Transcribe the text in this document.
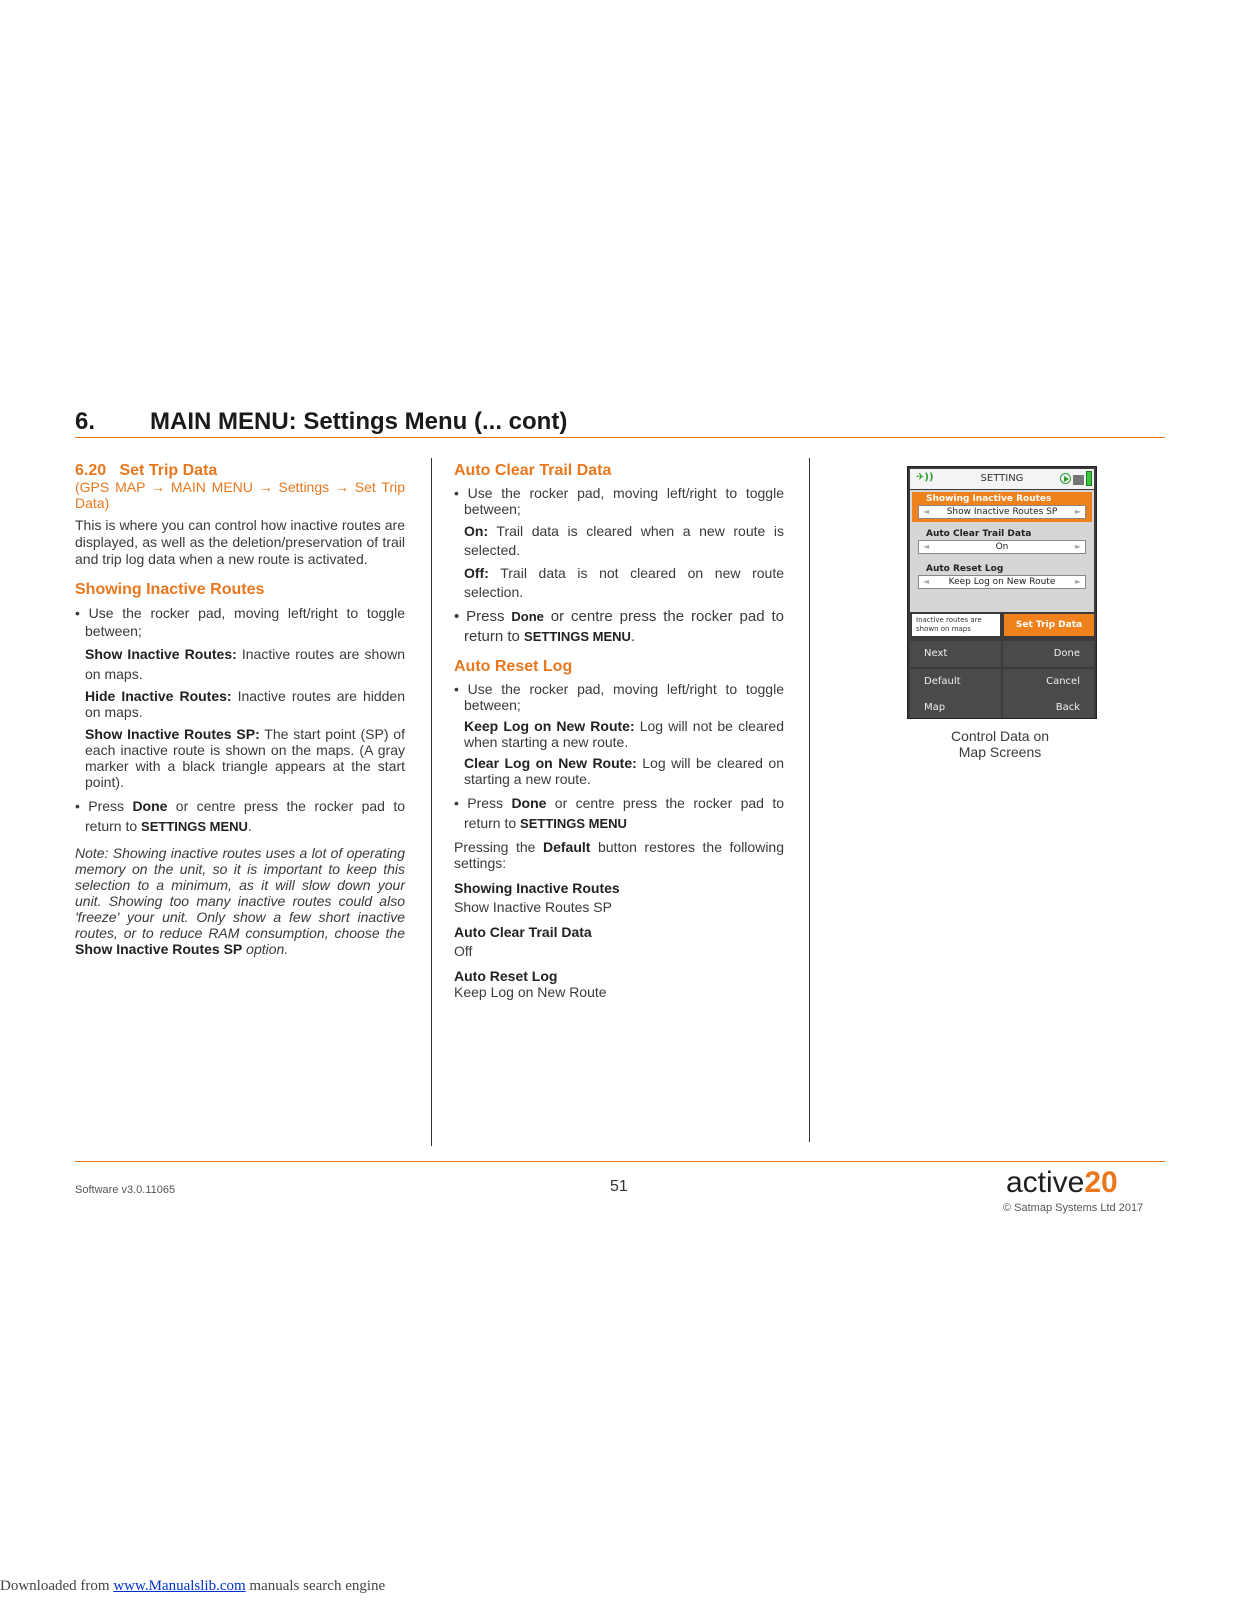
6. MAIN MENU: Settings Menu (... cont)

6.20 Set Trip Data

(GPS MAP → MAIN MENU → Settings → Set Trip Data)

This is where you can control how inactive routes are displayed, as well as the deletion/preservation of trail and trip log data when a new route is activated.

Showing Inactive Routes

• Use the rocker pad, moving left/right to toggle between;

Show Inactive Routes: Inactive routes are shown on maps.

Hide Inactive Routes: Inactive routes are hidden on maps.

Show Inactive Routes SP: The start point (SP) of each inactive route is shown on the maps. (A gray marker with a black triangle appears at the start point).

• Press Done or centre press the rocker pad to return to SETTINGS MENU.

Note: Showing inactive routes uses a lot of operating memory on the unit, so it is important to keep this selection to a minimum, as it will slow down your unit. Showing too many inactive routes could also 'freeze' your unit. Only show a few short inactive routes, or to reduce RAM consumption, choose the Show Inactive Routes SP option.

Auto Clear Trail Data

• Use the rocker pad, moving left/right to toggle between;

On: Trail data is cleared when a new route is selected.

Off: Trail data is not cleared on new route selection.

• Press Done or centre press the rocker pad to return to SETTINGS MENU.

Auto Reset Log

• Use the rocker pad, moving left/right to toggle between;

Keep Log on New Route: Log will not be cleared when starting a new route.

Clear Log on New Route: Log will be cleared on starting a new route.

• Press Done or centre press the rocker pad to return to SETTINGS MENU

Pressing the Default button restores the following settings:

Showing Inactive Routes

Show Inactive Routes SP

Auto Clear Trail Data

Off

Auto Reset Log

Keep Log on New Route

✈))	SETTING
Showing Inactive Routes
◄ Show Inactive Routes SP ►
Auto Clear Trail Data
◄	On	►
Auto Reset Log
◄ Keep Log on New Route ►
Inactive routes are shown on maps	Set Trip Data
Next	Done
Default	Cancel
Map	Back
Control Data on
Map Screens
Software v3.0.11065	51	active20
© Satmap Systems Ltd 2017
Downloaded from www.Manualslib.com manuals search engine
